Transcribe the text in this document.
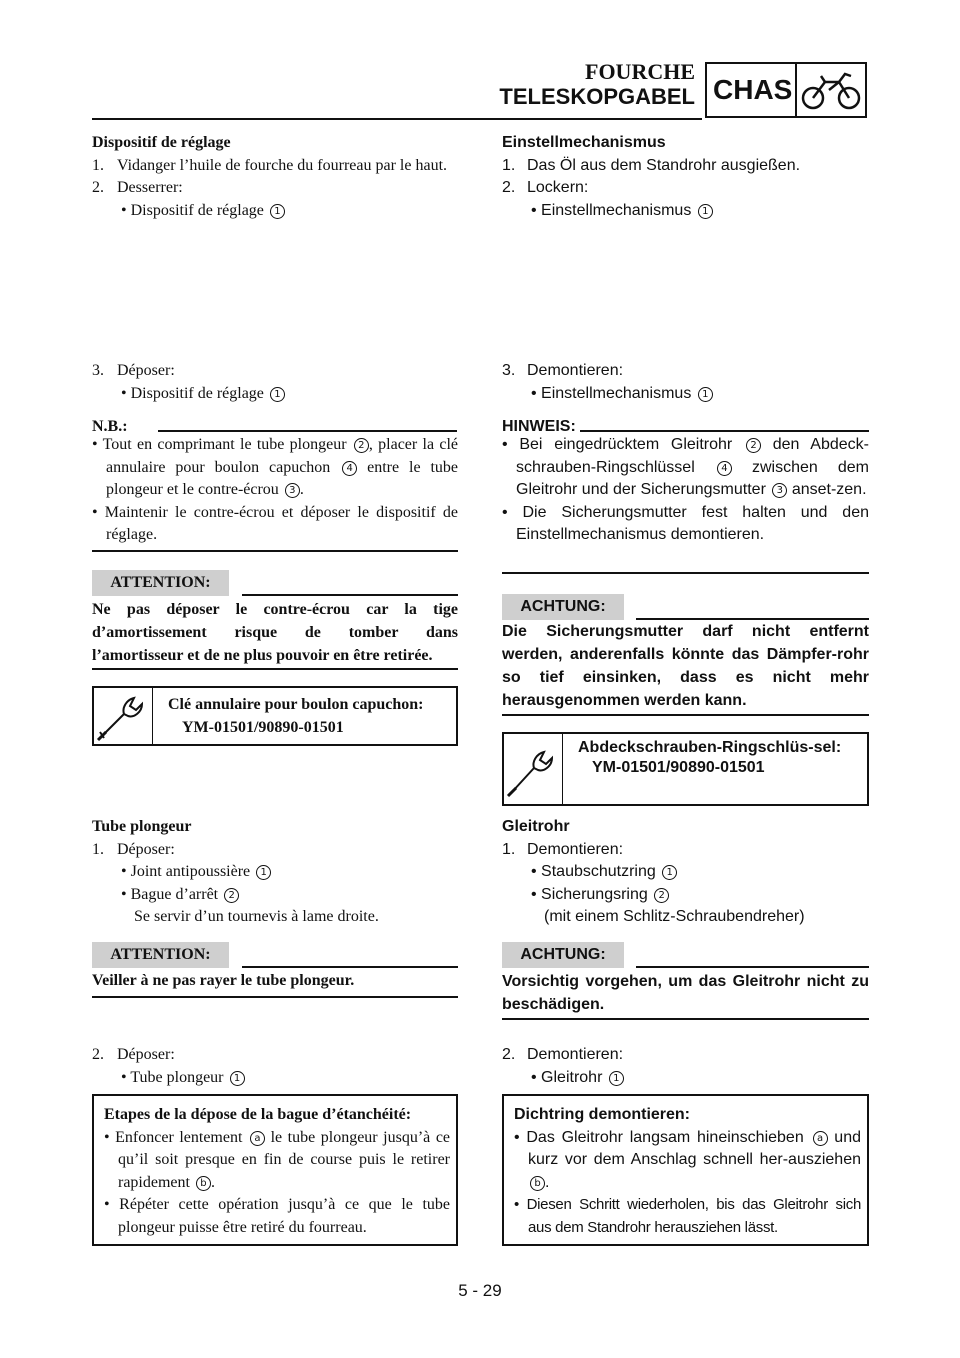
FOURCHE
TELESKOPGABEL CHAS
Dispositif de réglage
1. Vidanger l’huile de fourche du fourreau par le haut.
2. Desserrer:
• Dispositif de réglage 1
3. Déposer:
• Dispositif de réglage 1
N.B.:
• Tout en comprimant le tube plongeur 2 , placer la clé annulaire pour boulon capuchon 4 entre le tube plongeur et le contre-écrou 3 .
• Maintenir le contre-écrou et déposer le dispositif de réglage.
ATTENTION:
Ne pas déposer le contre-écrou car la tige d’amortissement risque de tomber dans l’amortisseur et de ne plus pouvoir en être retirée.
Clé annulaire pour boulon capuchon:
YM-01501/90890-01501
Tube plongeur
1. Déposer:
• Joint antipoussière 1
• Bague d’arrêt 2
Se servir d’un tournevis à lame droite.
ATTENTION:
Veiller à ne pas rayer le tube plongeur.
2. Déposer:
• Tube plongeur 1
Etapes de la dépose de la bague d’étanchéité:
• Enfoncer lentement a le tube plongeur jusqu’à ce qu’il soit presque en fin de course puis le retirer rapidement b .
• Répéter cette opération jusqu’à ce que le tube plongeur puisse être retiré du fourreau.
Einstellmechanismus
1. Das Öl aus dem Standrohr ausgießen.
2. Lockern:
• Einstellmechanismus 1
3. Demontieren:
• Einstellmechanismus 1
HINWEIS:
• Bei eingedrücktem Gleitrohr 2 den Abdeck-schrauben-Ringschlüssel	4 zwischen dem Gleitrohr und der Sicherungsmutter 3 anset-zen.
• Die Sicherungsmutter fest halten und den Einstellmechanismus demontieren.
ACHTUNG:
Die Sicherungsmutter darf nicht entfernt werden, anderenfalls könnte das Dämpfer-rohr so tief einsinken, dass es nicht mehr herausgenommen werden kann.
Abdeckschrauben-Ringschlüs-sel:
YM-01501/90890-01501
Gleitrohr
1. Demontieren:
• Staubschutzring 1
• Sicherungsring 2
(mit einem Schlitz-Schraubendreher)
ACHTUNG:
Vorsichtig vorgehen, um das Gleitrohr nicht zu beschädigen.
2. Demontieren:
• Gleitrohr 1
Dichtring demontieren:
• Das Gleitrohr langsam hineinschieben a und kurz vor dem Anschlag schnell her-ausziehen b .
• Diesen Schritt wiederholen, bis das Gleitrohr sich aus dem Standrohr herausziehen lässt.
5 - 29
